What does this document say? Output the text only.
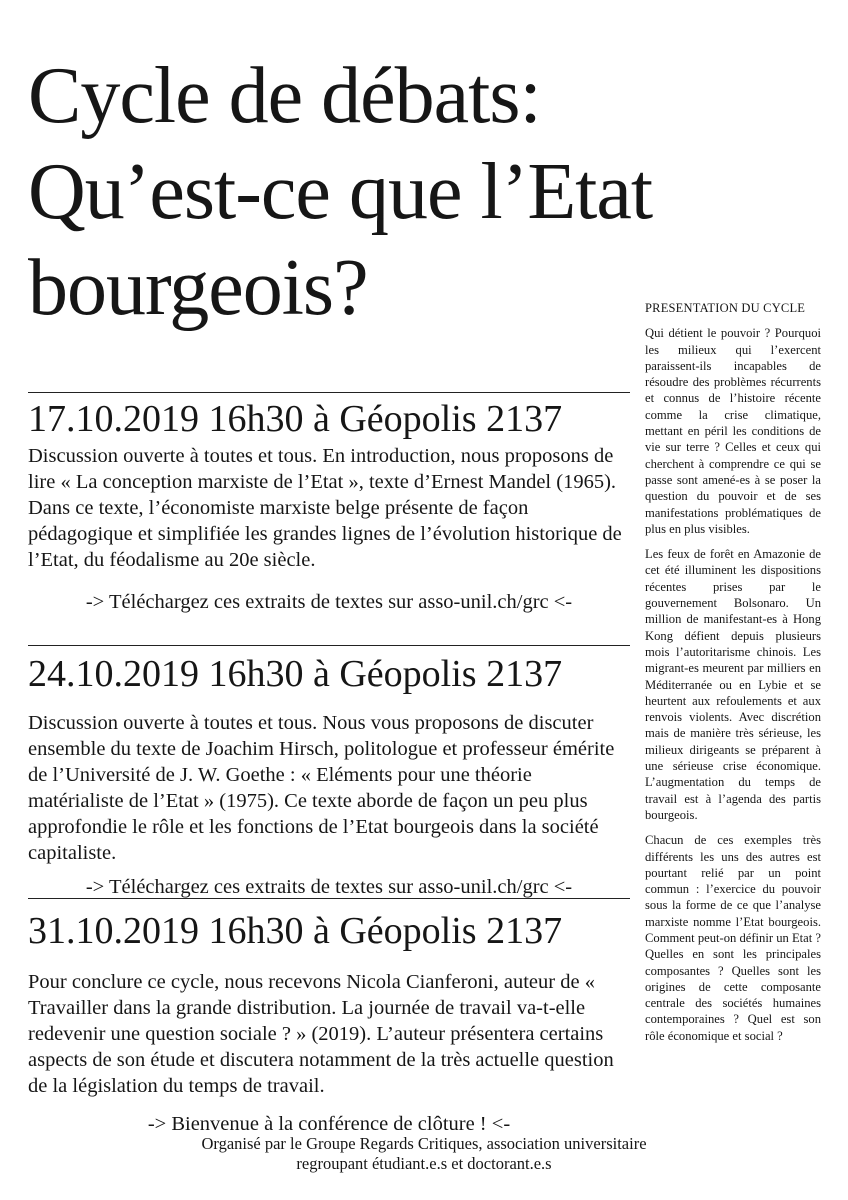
Cycle de débats:
Qu’est-ce que l’Etat
bourgeois?
17.10.2019 16h30 à Géopolis 2137

Discussion ouverte à toutes et tous. En introduction, nous proposons de lire « La conception marxiste de l’Etat », texte d’Ernest Mandel (1965). Dans ce texte, l’économiste marxiste belge présente de façon pédagogique et simplifiée les grandes lignes de l’évolution historique de l’Etat, du féodalisme au 20e siècle.

-> Téléchargez ces extraits de textes sur asso-unil.ch/grc <-
24.10.2019 16h30 à Géopolis 2137

Discussion ouverte à toutes et tous. Nous vous proposons de discuter ensemble du texte de Joachim Hirsch, politologue et professeur émérite de l’Université de J. W. Goethe : « Eléments pour une théorie matérialiste de l’Etat » (1975). Ce texte aborde de façon un peu plus approfondie le rôle et les fonctions de l’Etat bourgeois dans la société capitaliste.

-> Téléchargez ces extraits de textes sur asso-unil.ch/grc <-
31.10.2019 16h30 à Géopolis 2137

Pour conclure ce cycle, nous recevons Nicola Cianferoni, auteur de « Travailler dans la grande distribution. La journée de travail va-t-elle redevenir une question sociale ? » (2019). L’auteur présentera certains aspects de son étude et discutera notamment de la très actuelle question de la législation du temps de travail.

-> Bienvenue à la conférence de clôture ! <-
PRESENTATION DU CYCLE

Qui détient le pouvoir ? Pourquoi les milieux qui l’exercent paraissent-ils incapables de résoudre des problèmes récurrents et connus de l’histoire récente comme la crise climatique, mettant en péril les conditions de vie sur terre ? Celles et ceux qui cherchent à comprendre ce qui se passe sont amené-es à se poser la question du pouvoir et de ses manifestations problématiques de plus en plus visibles.

Les feux de forêt en Amazonie de cet été illuminent les dispositions récentes prises par le gouvernement Bolsonaro. Un million de manifestant-es à Hong Kong défient depuis plusieurs mois l’autoritarisme chinois. Les migrant-es meurent par milliers en Méditerranée ou en Lybie et se heurtent aux refoulements et aux renvois violents. Avec discrétion mais de manière très sérieuse, les milieux dirigeants se préparent à une sérieuse crise économique. L’augmentation du temps de travail est à l’agenda des partis bourgeois.

Chacun de ces exemples très différents les uns des autres est pourtant relié par un point commun : l’exercice du pouvoir sous la forme de ce que l’analyse marxiste nomme l’Etat bourgeois. Comment peut-on définir un Etat ? Quelles en sont les principales composantes ? Quelles sont les origines de cette composante centrale des sociétés humaines contemporaines ? Quel est son rôle économique et social ?

Organisé par le Groupe Regards Critiques, association universitaire
regroupant étudiant.e.s et doctorant.e.s
